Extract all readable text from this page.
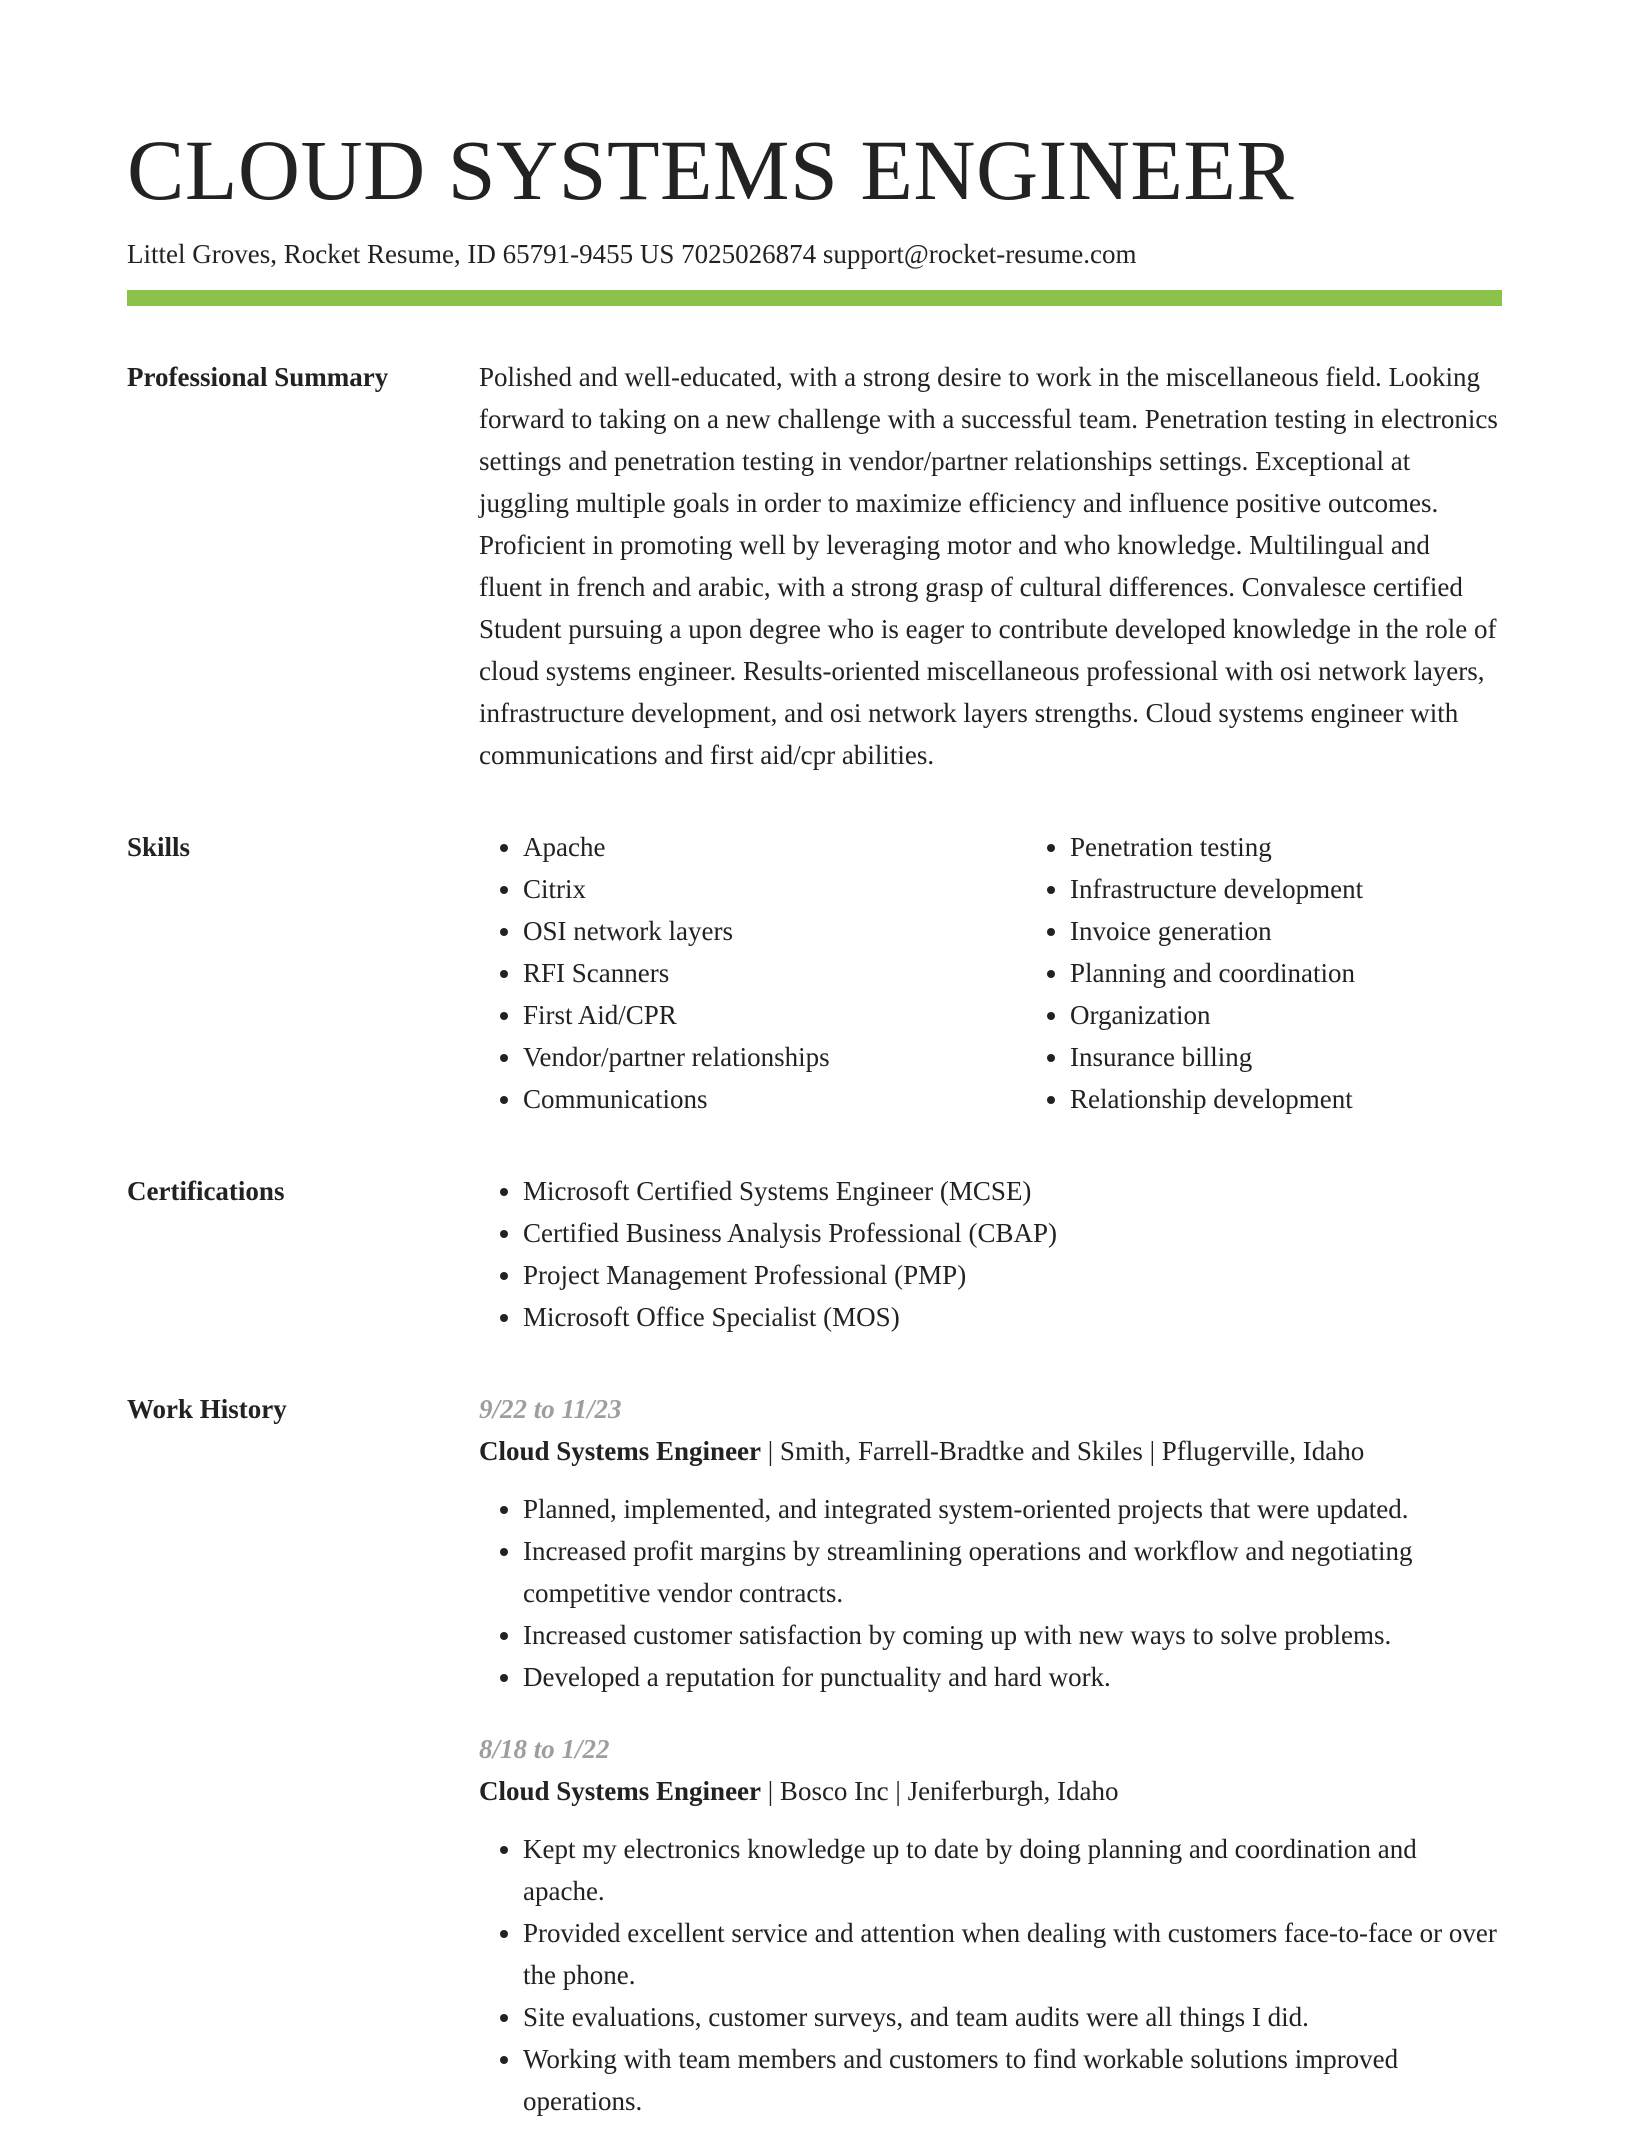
CLOUD SYSTEMS ENGINEER
Littel Groves, Rocket Resume, ID 65791-9455 US 7025026874 support@rocket-resume.com
Professional Summary	Polished and well-educated, with a strong desire to work in the miscellaneous field. Looking forward to taking on a new challenge with a successful team. Penetration testing in electronics settings and penetration testing in vendor/partner relationships settings. Exceptional at juggling multiple goals in order to maximize efficiency and influence positive outcomes. Proficient in promoting well by leveraging motor and who knowledge. Multilingual and fluent in french and arabic, with a strong grasp of cultural differences. Convalesce certified Student pursuing a upon degree who is eager to contribute developed knowledge in the role of cloud systems engineer. Results-oriented miscellaneous professional with osi network layers, infrastructure development, and osi network layers strengths. Cloud systems engineer with communications and first aid/cpr abilities.

Skills	• Apache
• Citrix
• OSI network layers
• RFI Scanners
• First Aid/CPR
• Vendor/partner relationships
• Communications
• Penetration testing
• Infrastructure development
• Invoice generation
• Planning and coordination
• Organization
• Insurance billing
• Relationship development
Certifications	• Microsoft Certified Systems Engineer (MCSE)
• Certified Business Analysis Professional (CBAP)
• Project Management Professional (PMP)
• Microsoft Office Specialist (MOS)
Work History	9/22 to 11/23
Cloud Systems Engineer | Smith, Farrell-Bradtke and Skiles | Pflugerville, Idaho
• Planned, implemented, and integrated system-oriented projects that were updated.
• Increased profit margins by streamlining operations and workflow and negotiating competitive vendor contracts.
• Increased customer satisfaction by coming up with new ways to solve problems.
• Developed a reputation for punctuality and hard work.
8/18 to 1/22
Cloud Systems Engineer | Bosco Inc | Jeniferburgh, Idaho
• Kept my electronics knowledge up to date by doing planning and coordination and apache.
• Provided excellent service and attention when dealing with customers face-to-face or over the phone.
• Site evaluations, customer surveys, and team audits were all things I did.
• Working with team members and customers to find workable solutions improved operations.
